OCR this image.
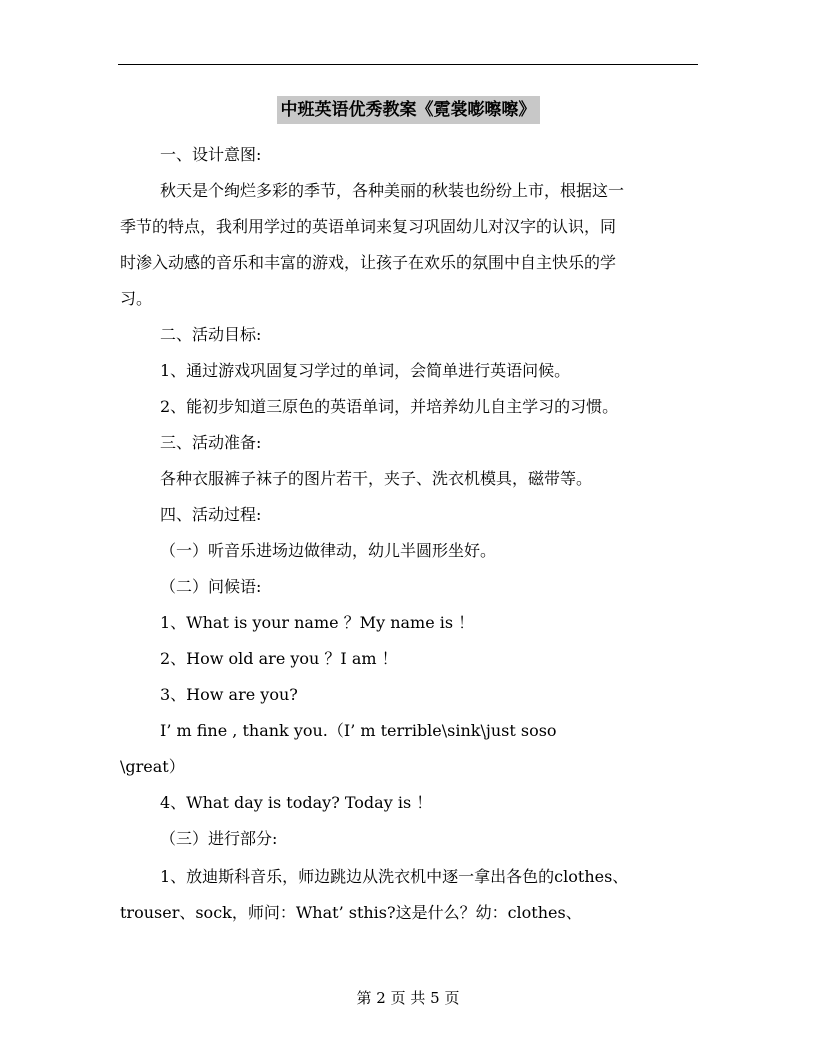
中班英语优秀教案《霓裳嘭嚓嚓》
一、设计意图:
秋天是个绚烂多彩的季节，各种美丽的秋装也纷纷上市，根据这一
季节的特点，我利用学过的英语单词来复习巩固幼儿对汉字的认识，同
时渗入动感的音乐和丰富的游戏，让孩子在欢乐的氛围中自主快乐的学
习。
二、活动目标:
1、通过游戏巩固复习学过的单词，会简单进行英语问候。
2、能初步知道三原色的英语单词，并培养幼儿自主学习的习惯。
三、活动准备:
各种衣服裤子袜子的图片若干，夹子、洗衣机模具，磁带等。
四、活动过程:
（一）听音乐进场边做律动，幼儿半圆形坐好。
（二）问候语:
1、What is your name ？My name is ！
2、How old are you ？I am ！
3、How are you?
I’ m fine , thank you.（I’ m terrible\sink\just soso
\great）
4、What day is today? Today is ！
（三）进行部分:
1、放迪斯科音乐，师边跳边从洗衣机中逐一拿出各色的clothes、
trouser、sock，师问：What’ sthis?这是什么？幼：clothes、
第 2 页 共 5 页
